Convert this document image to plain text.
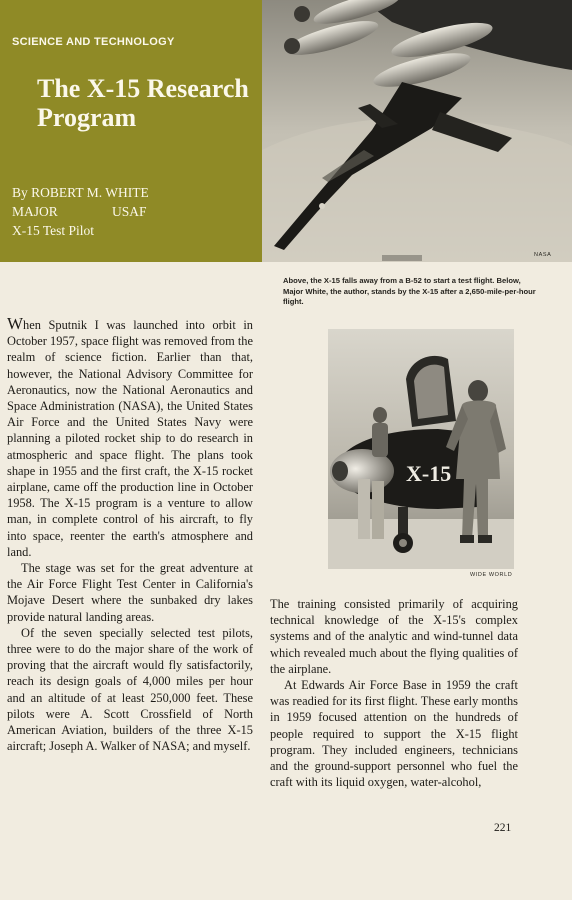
SCIENCE AND TECHNOLOGY
The X-15 Research Program
By ROBERT M. WHITE
MAJOR	USAF
X-15 Test Pilot
NASA
Above, the X-15 falls away from a B-52 to start a test flight. Below, Major White, the author, stands by the X-15 after a 2,650-mile-per-hour flight.
X-15
WIDE WORLD

When Sputnik I was launched into orbit in October 1957, space flight was removed from the realm of science fiction. Earlier than that, however, the National Advisory Committee for Aeronautics, now the National Aeronautics and Space Administration (NASA), the United States Air Force and the United States Navy were planning a piloted rocket ship to do research in atmospheric and space flight. The plans took shape in 1955 and the first craft, the X-15 rocket airplane, came off the production line in October 1958. The X-15 program is a venture to allow man, in complete control of his aircraft, to fly into space, reenter the earth's atmosphere and land.

The stage was set for the great adventure at the Air Force Flight Test Center in California's Mojave Desert where the sunbaked dry lakes provide natural landing areas.

Of the seven specially selected test pilots, three were to do the major share of the work of proving that the aircraft would fly satisfactorily, reach its design goals of 4,000 miles per hour and an altitude of at least 250,000 feet. These pilots were A. Scott Crossfield of North American Aviation, builders of the three X-15 aircraft; Joseph A. Walker of NASA; and myself.

The training consisted primarily of acquiring technical knowledge of the X-15's complex systems and of the analytic and wind-tunnel data which revealed much about the flying qualities of the airplane.

At Edwards Air Force Base in 1959 the craft was readied for its first flight. These early months in 1959 focused attention on the hundreds of people required to support the X-15 flight program. They included engineers, technicians and the ground-support personnel who fuel the craft with its liquid oxygen, water-alcohol,

221
